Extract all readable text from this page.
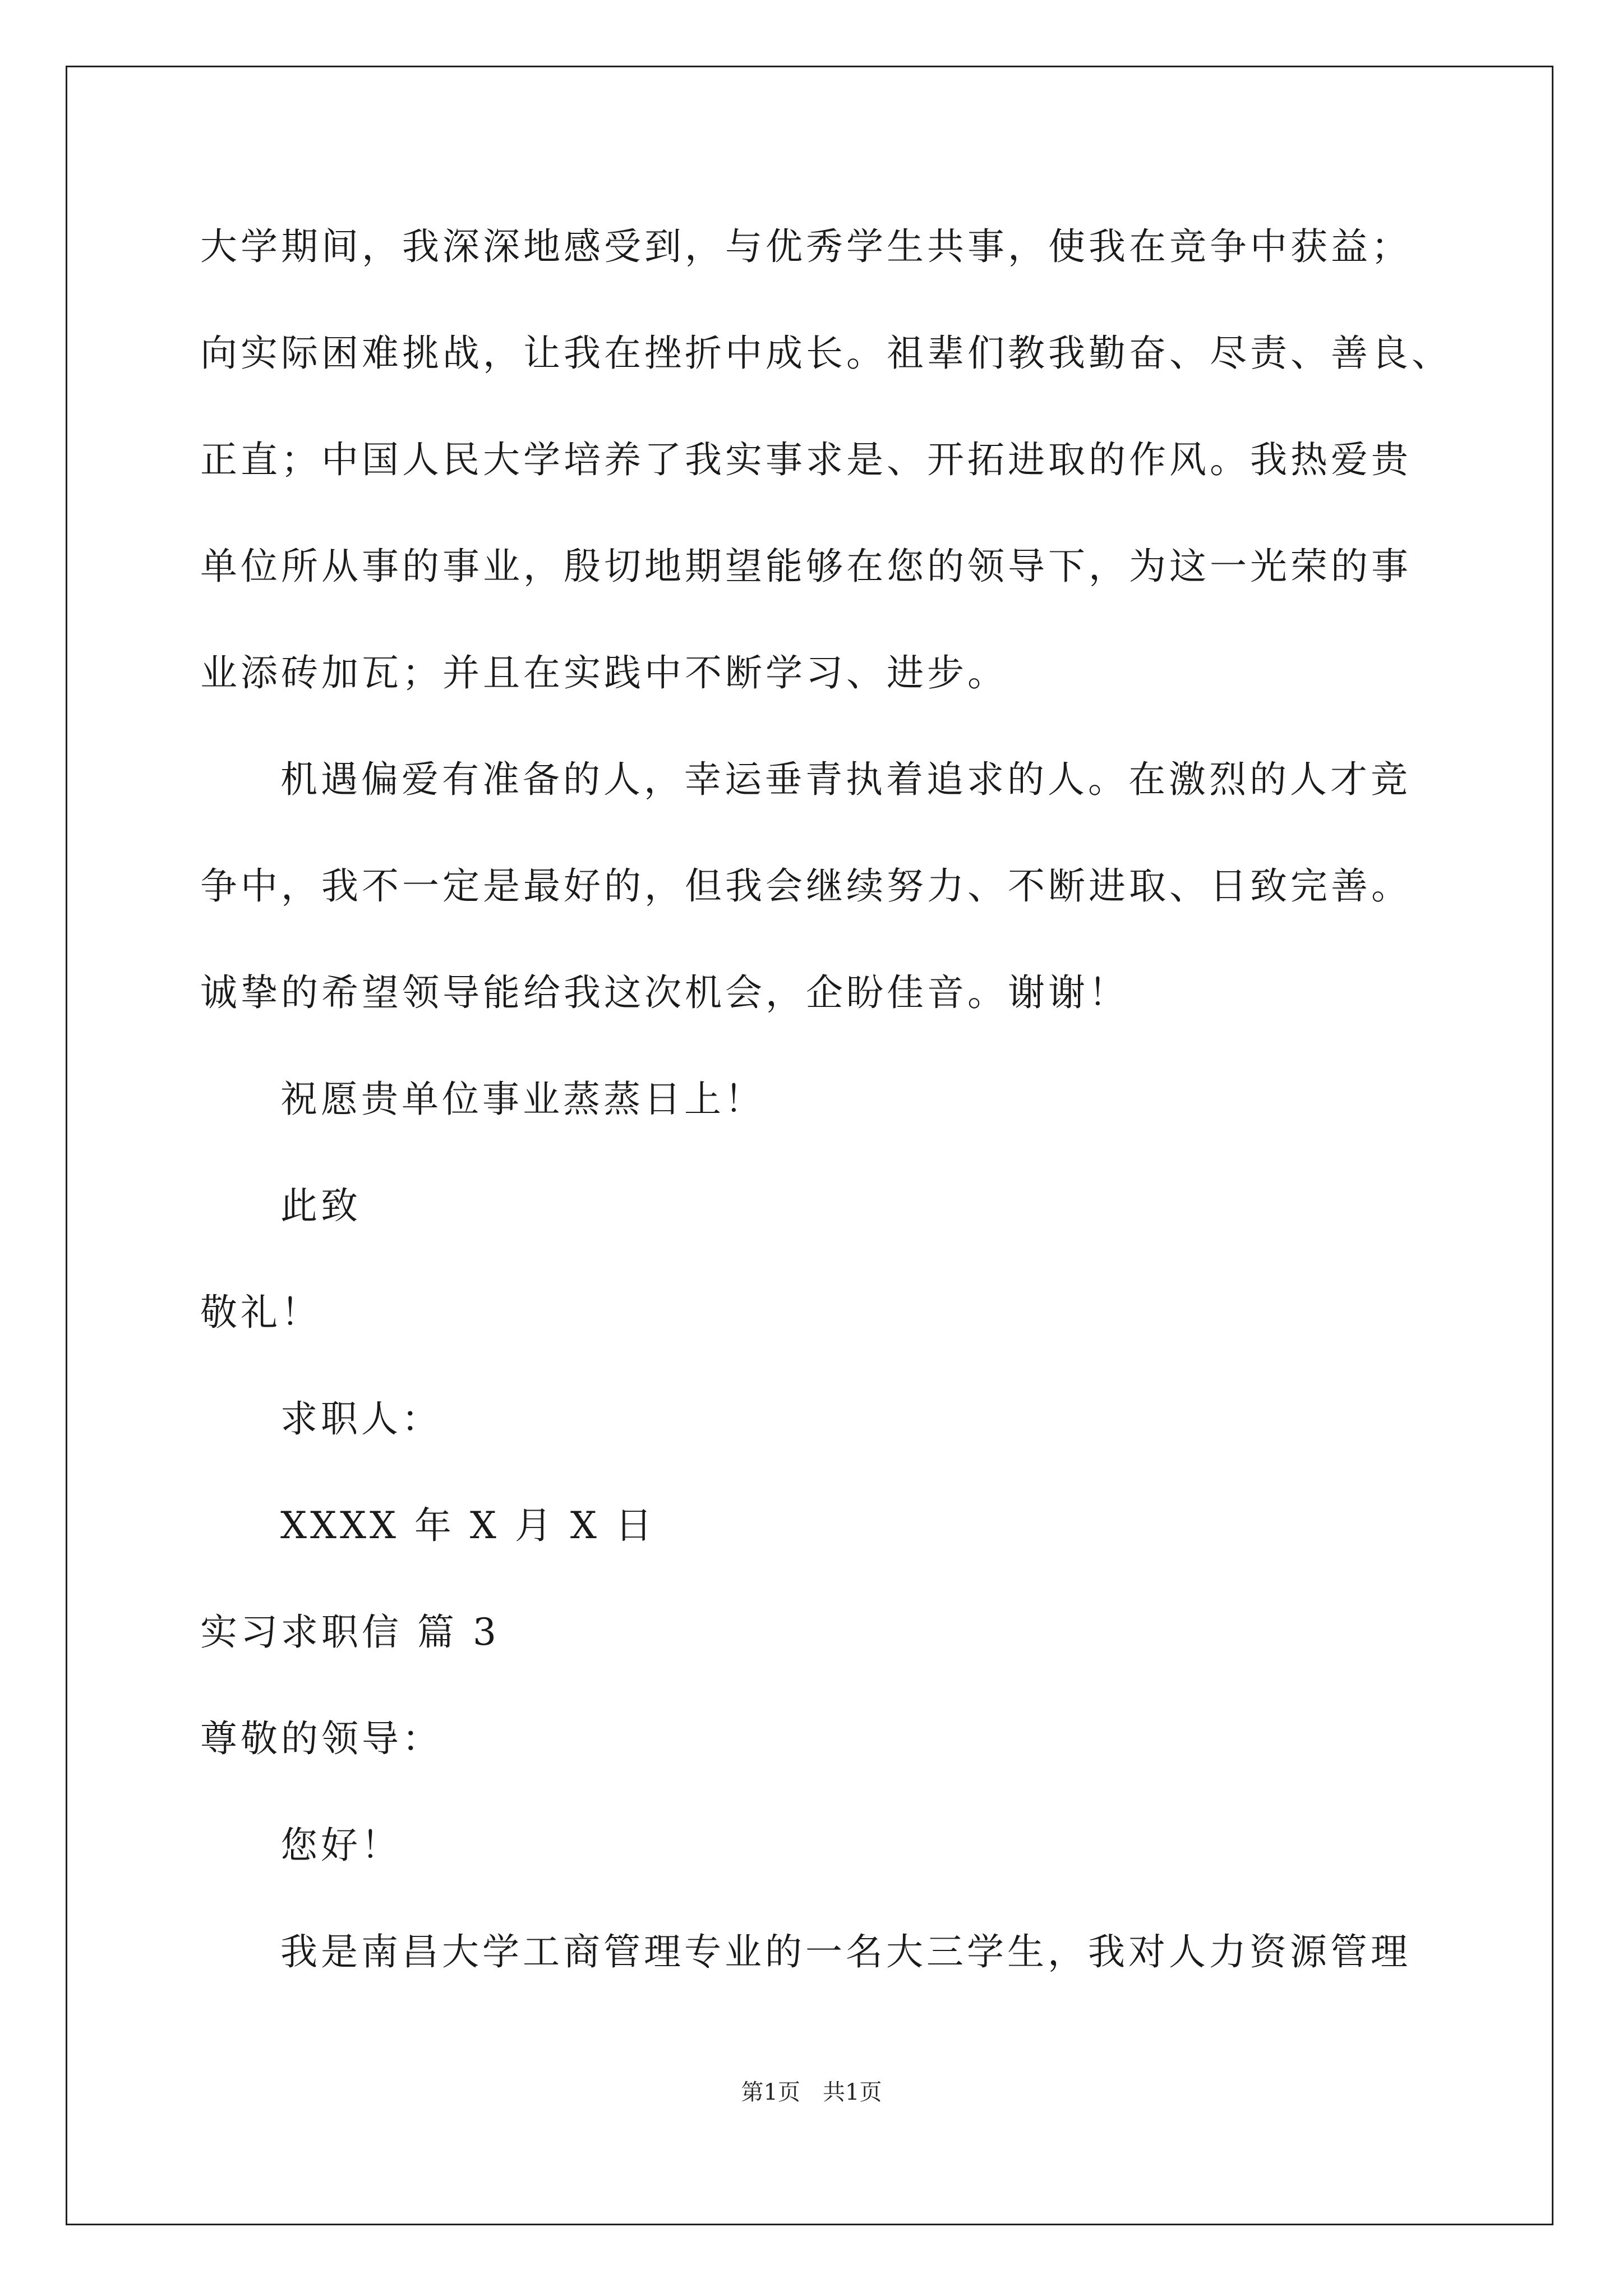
大学期间，我深深地感受到，与优秀学生共事，使我在竞争中获益；
向实际困难挑战，让我在挫折中成长。祖辈们教我勤奋、尽责、善良、
正直；中国人民大学培养了我实事求是、开拓进取的作风。我热爱贵
单位所从事的事业，殷切地期望能够在您的领导下，为这一光荣的事
业添砖加瓦；并且在实践中不断学习、进步。
机遇偏爱有准备的人，幸运垂青执着追求的人。在激烈的人才竞
争中，我不一定是最好的，但我会继续努力、不断进取、日致完善。
诚挚的希望领导能给我这次机会，企盼佳音。谢谢！
祝愿贵单位事业蒸蒸日上！
此致
敬礼！
求职人：
XXXX 年 X 月 X 日
实习求职信 篇 3
尊敬的领导：
您好！
我是南昌大学工商管理专业的一名大三学生，我对人力资源管理
第1页　共1页
